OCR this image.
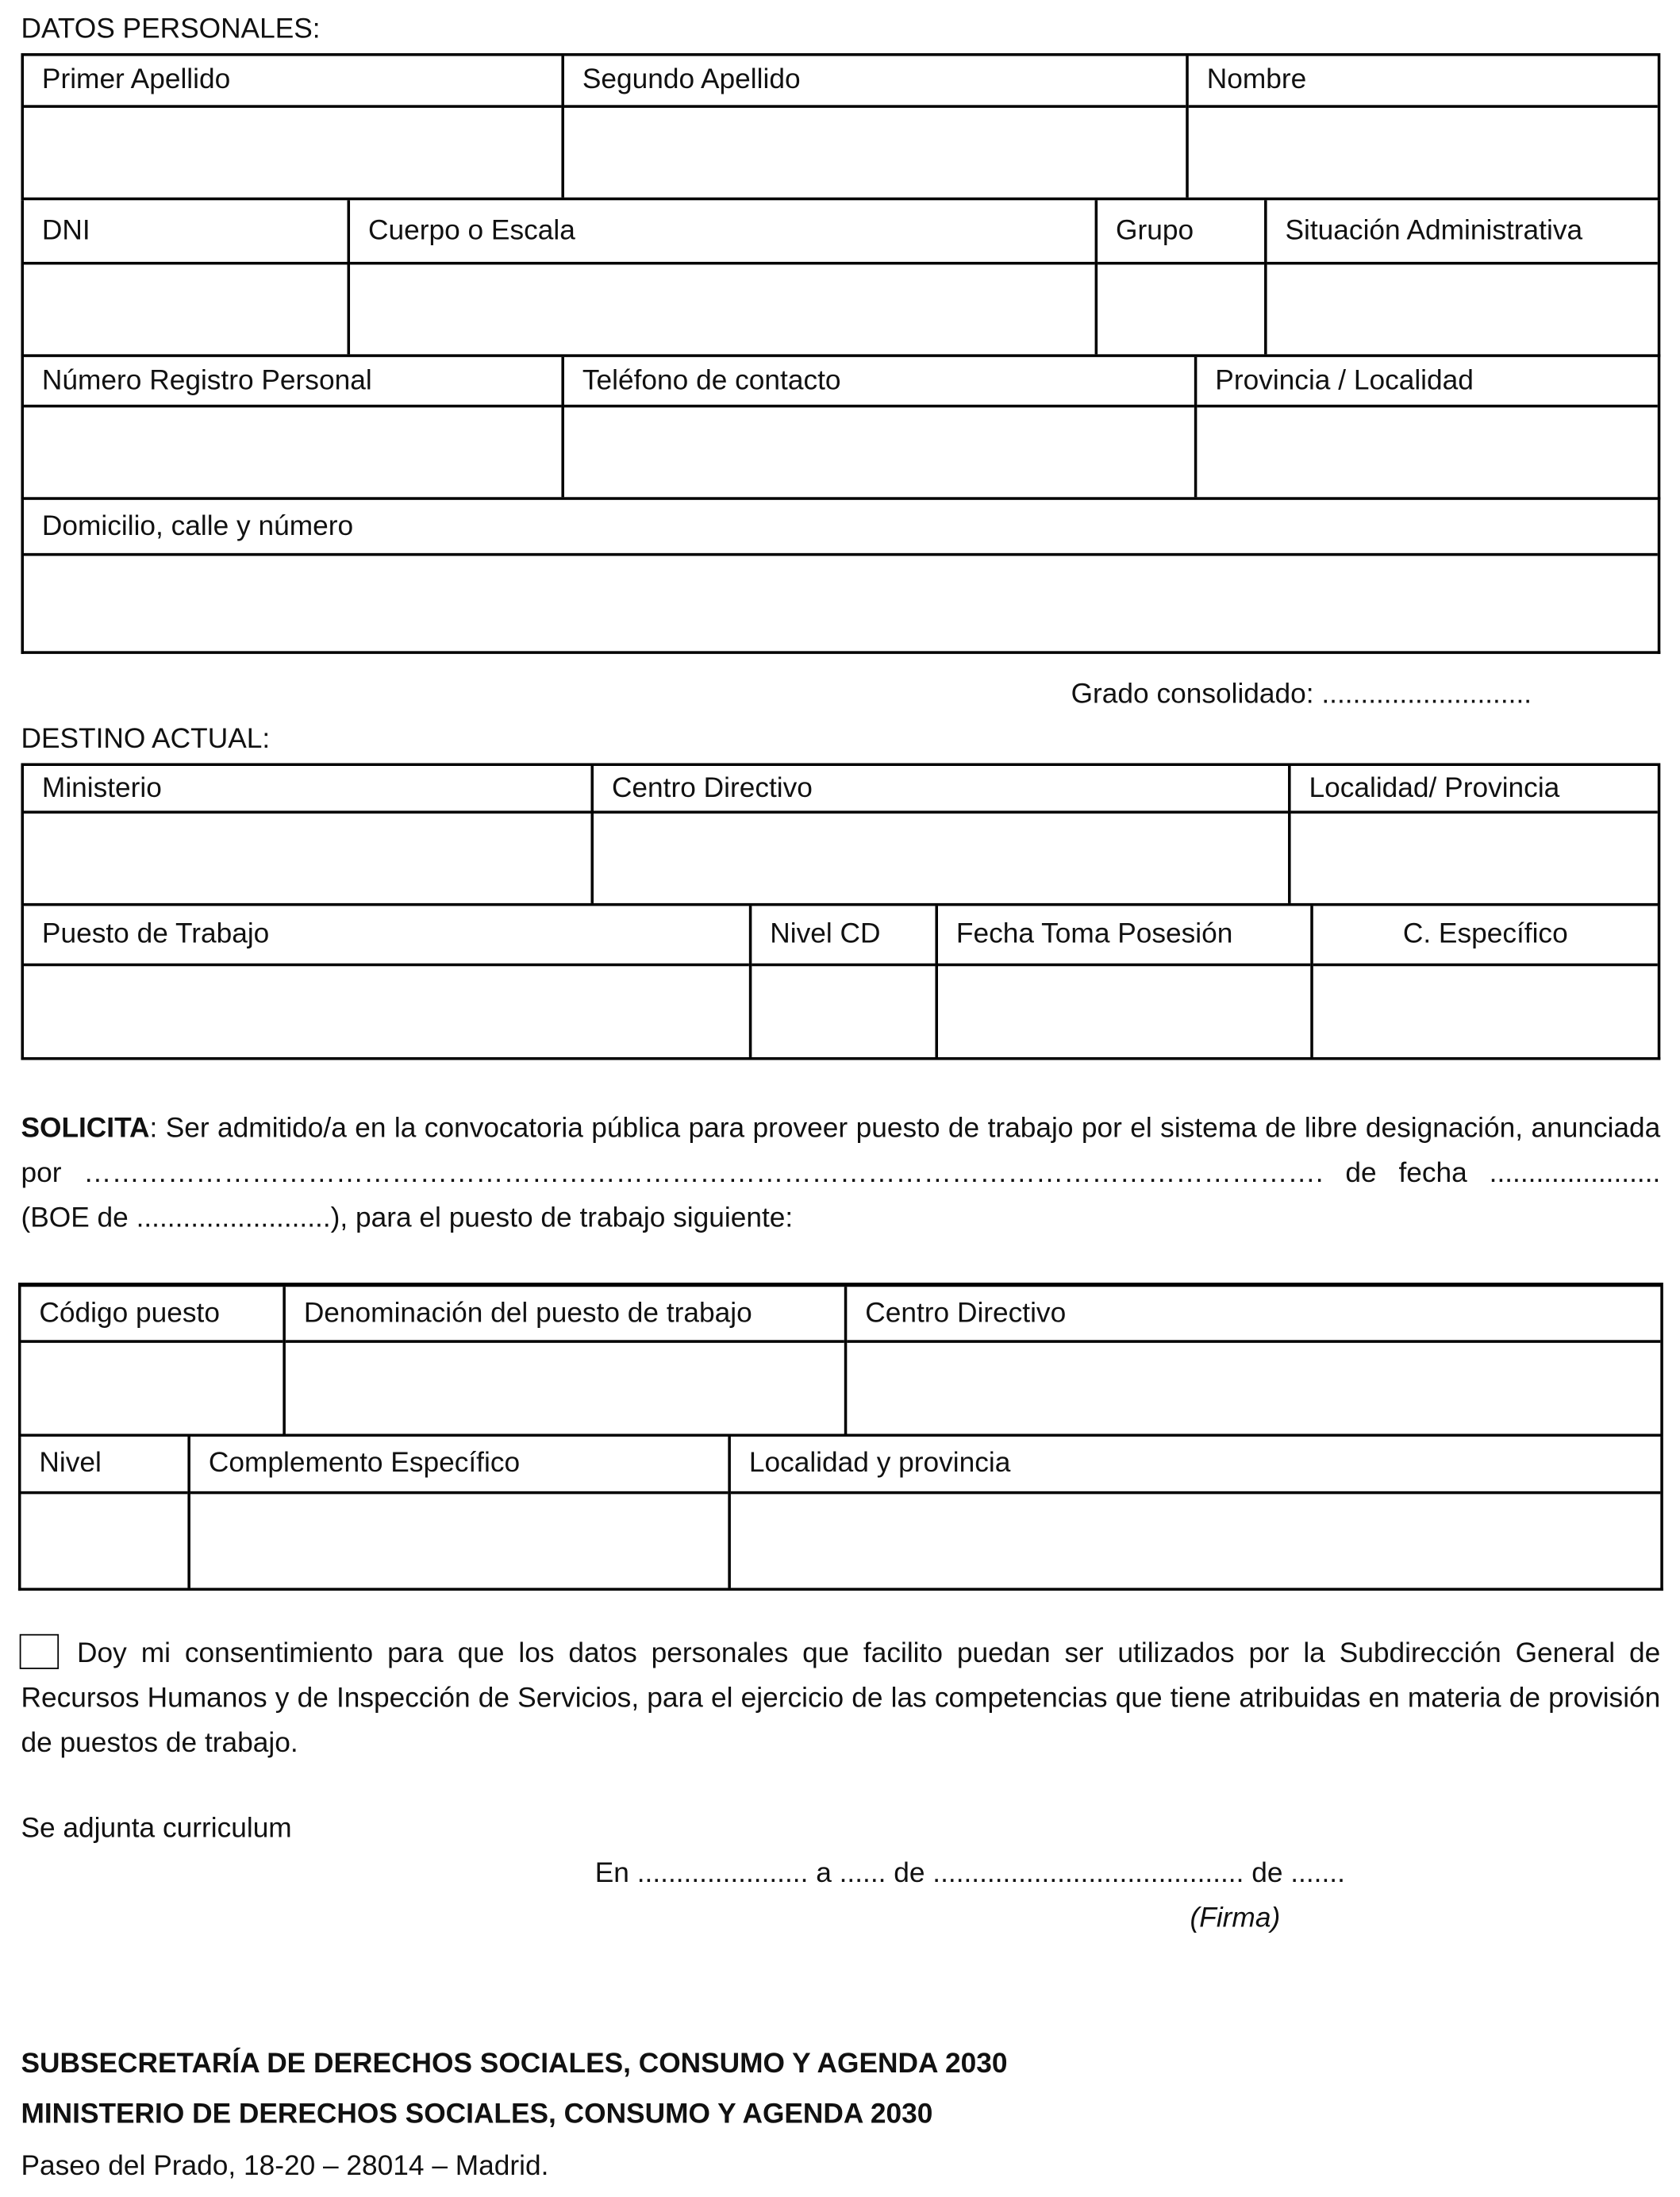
DATOS PERSONALES:
Primer Apellido	Segundo Apellido	Nombre
DNI	Cuerpo o Escala	Grupo	Situación Administrativa
Número Registro Personal	Teléfono de contacto	Provincia / Localidad
Domicilio, calle y número
Grado consolidado: ...........................
DESTINO ACTUAL:
Ministerio	Centro Directivo	Localidad/ Provincia
Puesto de Trabajo	Nivel CD	Fecha Toma Posesión	C. Específico
SOLICITA: Ser admitido/a en la convocatoria pública para proveer puesto de trabajo por el sistema de libre designación, anunciada por ……………………………………………………………………………………………………………………. de fecha ...................... (BOE de .........................), para el puesto de trabajo siguiente:
Código puesto	Denominación del puesto de trabajo	Centro Directivo
Nivel	Complemento Específico	Localidad y provincia
Doy mi consentimiento para que los datos personales que facilito puedan ser utilizados por la Subdirección General de Recursos Humanos y de Inspección de Servicios, para el ejercicio de las competencias que tiene atribuidas en materia de provisión de puestos de trabajo.
Se adjunta curriculum
En ...................... a ...... de ........................................ de .......
(Firma)
SUBSECRETARÍA DE DERECHOS SOCIALES, CONSUMO Y AGENDA 2030
MINISTERIO DE DERECHOS SOCIALES, CONSUMO Y AGENDA 2030
Paseo del Prado, 18-20 – 28014 – Madrid.
